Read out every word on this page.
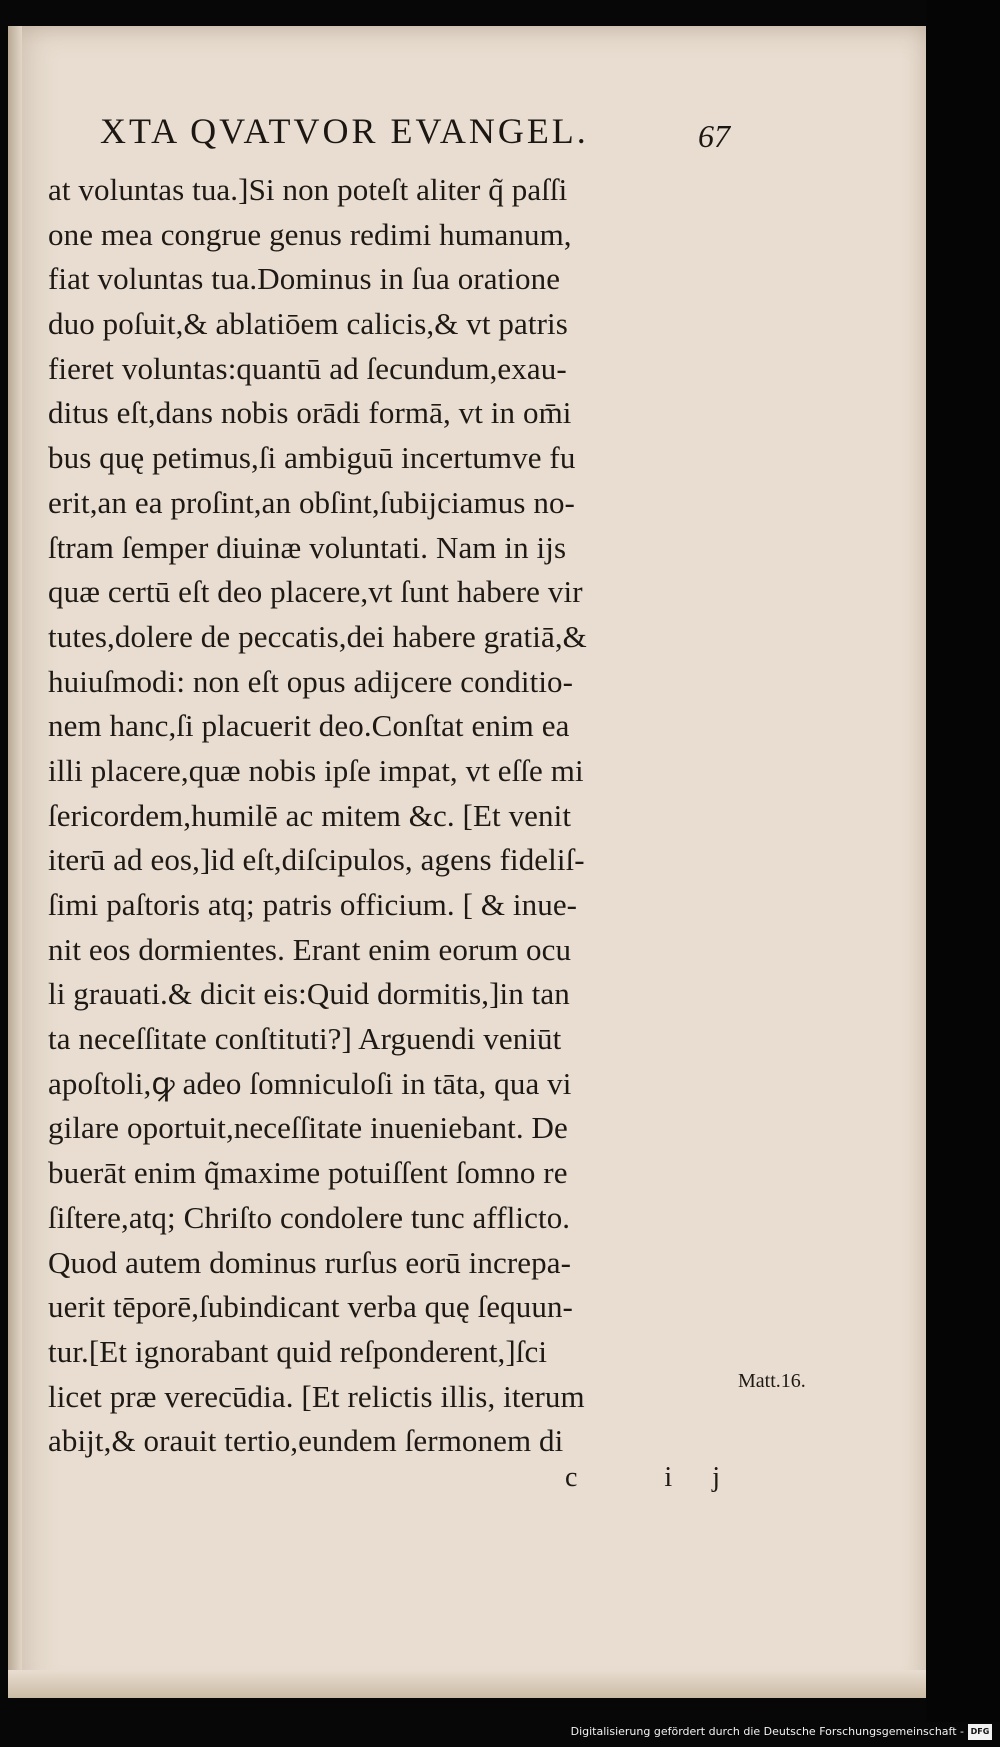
XTA QVATVOR EVANGEL.	67
at voluntas tua.]Si non poteſt aliter q̃ paſſi
one mea congrue genus redimi humanum,
fiat voluntas tua.Dominus in ſua oratione
duo poſuit,& ablatiōem calicis,& vt patris
fieret voluntas:quantū ad ſecundum,exau-
ditus eſt,dans nobis orādi formā, vt in om̄i
bus quę petimus,ſi ambiguū incertumve fu
erit,an ea proſint,an obſint,ſubijciamus no-
ſtram ſemper diuinæ voluntati. Nam in ijs
quæ certū eſt deo placere,vt ſunt habere vir
tutes,dolere de peccatis,dei habere gratiā,&
huiuſmodi: non eſt opus adijcere conditio-
nem hanc,ſi placuerit deo.Conſtat enim ea
illi placere,quæ nobis ipſe impat, vt eſſe mi
ſericordem,humilē ac mitem &c. [Et venit
iterū ad eos,]id eſt,diſcipulos, agens fideliſ-
ſimi paſtoris atq; patris officium. [ & inue-
nit eos dormientes. Erant enim eorum ocu
li grauati.& dicit eis:Quid dormitis,]in tan
ta neceſſitate conſtituti?] Arguendi veniūt
apoſtoli,ꝙ adeo ſomniculoſi in tāta, qua vi
gilare oportuit,neceſſitate inueniebant. De
buerāt enim q̃maxime potuiſſent ſomno re
ſiſtere,atq; Chriſto condolere tunc afflicto.
Quod autem dominus rurſus eorū increpa-
uerit tēporē,ſubindicant verba quę ſequun-
tur.[Et ignorabant quid reſponderent,]ſci
licet præ verecūdia. [Et relictis illis, iterum
abijt,& orauit tertio,eundem ſermonem di
Matt.16.
c ij
Digitalisierung gefördert durch die Deutsche Forschungsgemeinschaft - DFG
